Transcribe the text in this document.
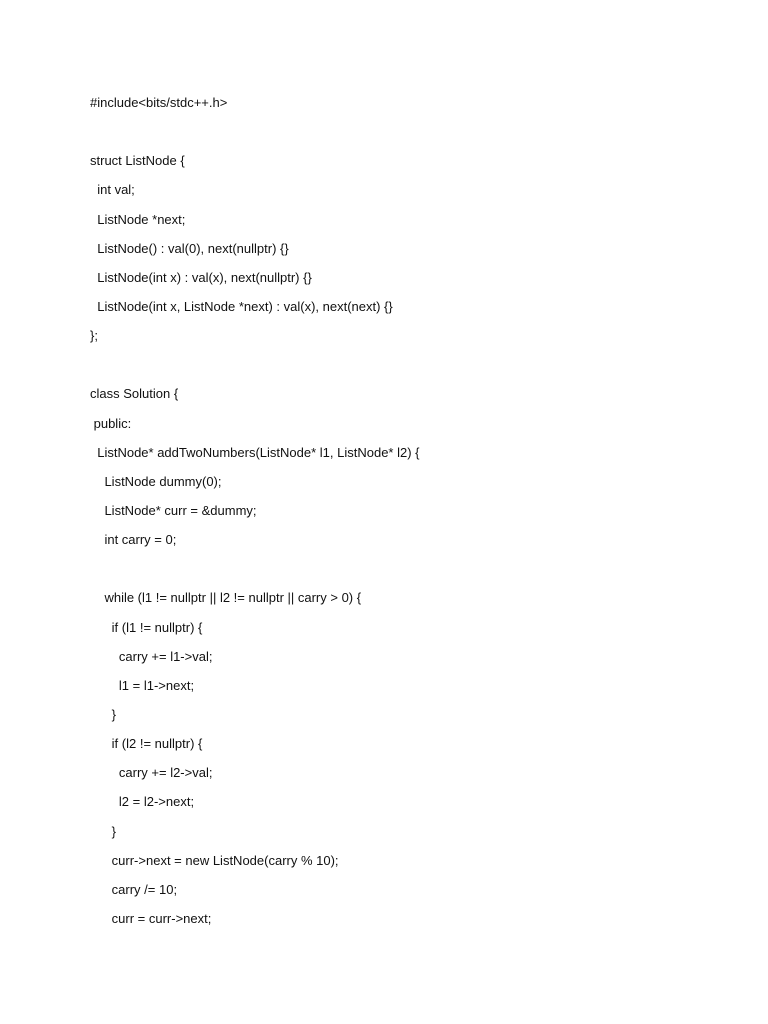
#include<bits/stdc++.h>
struct ListNode {
int val;
ListNode *next;
ListNode() : val(0), next(nullptr) {}
ListNode(int x) : val(x), next(nullptr) {}
ListNode(int x, ListNode *next) : val(x), next(next) {}
};
class Solution {
public:
ListNode* addTwoNumbers(ListNode* l1, ListNode* l2) {
ListNode dummy(0);
ListNode* curr = &dummy;
int carry = 0;
while (l1 != nullptr || l2 != nullptr || carry > 0) {
if (l1 != nullptr) {
carry += l1->val;
l1 = l1->next;
}
if (l2 != nullptr) {
carry += l2->val;
l2 = l2->next;
}
curr->next = new ListNode(carry % 10);
carry /= 10;
curr = curr->next;
